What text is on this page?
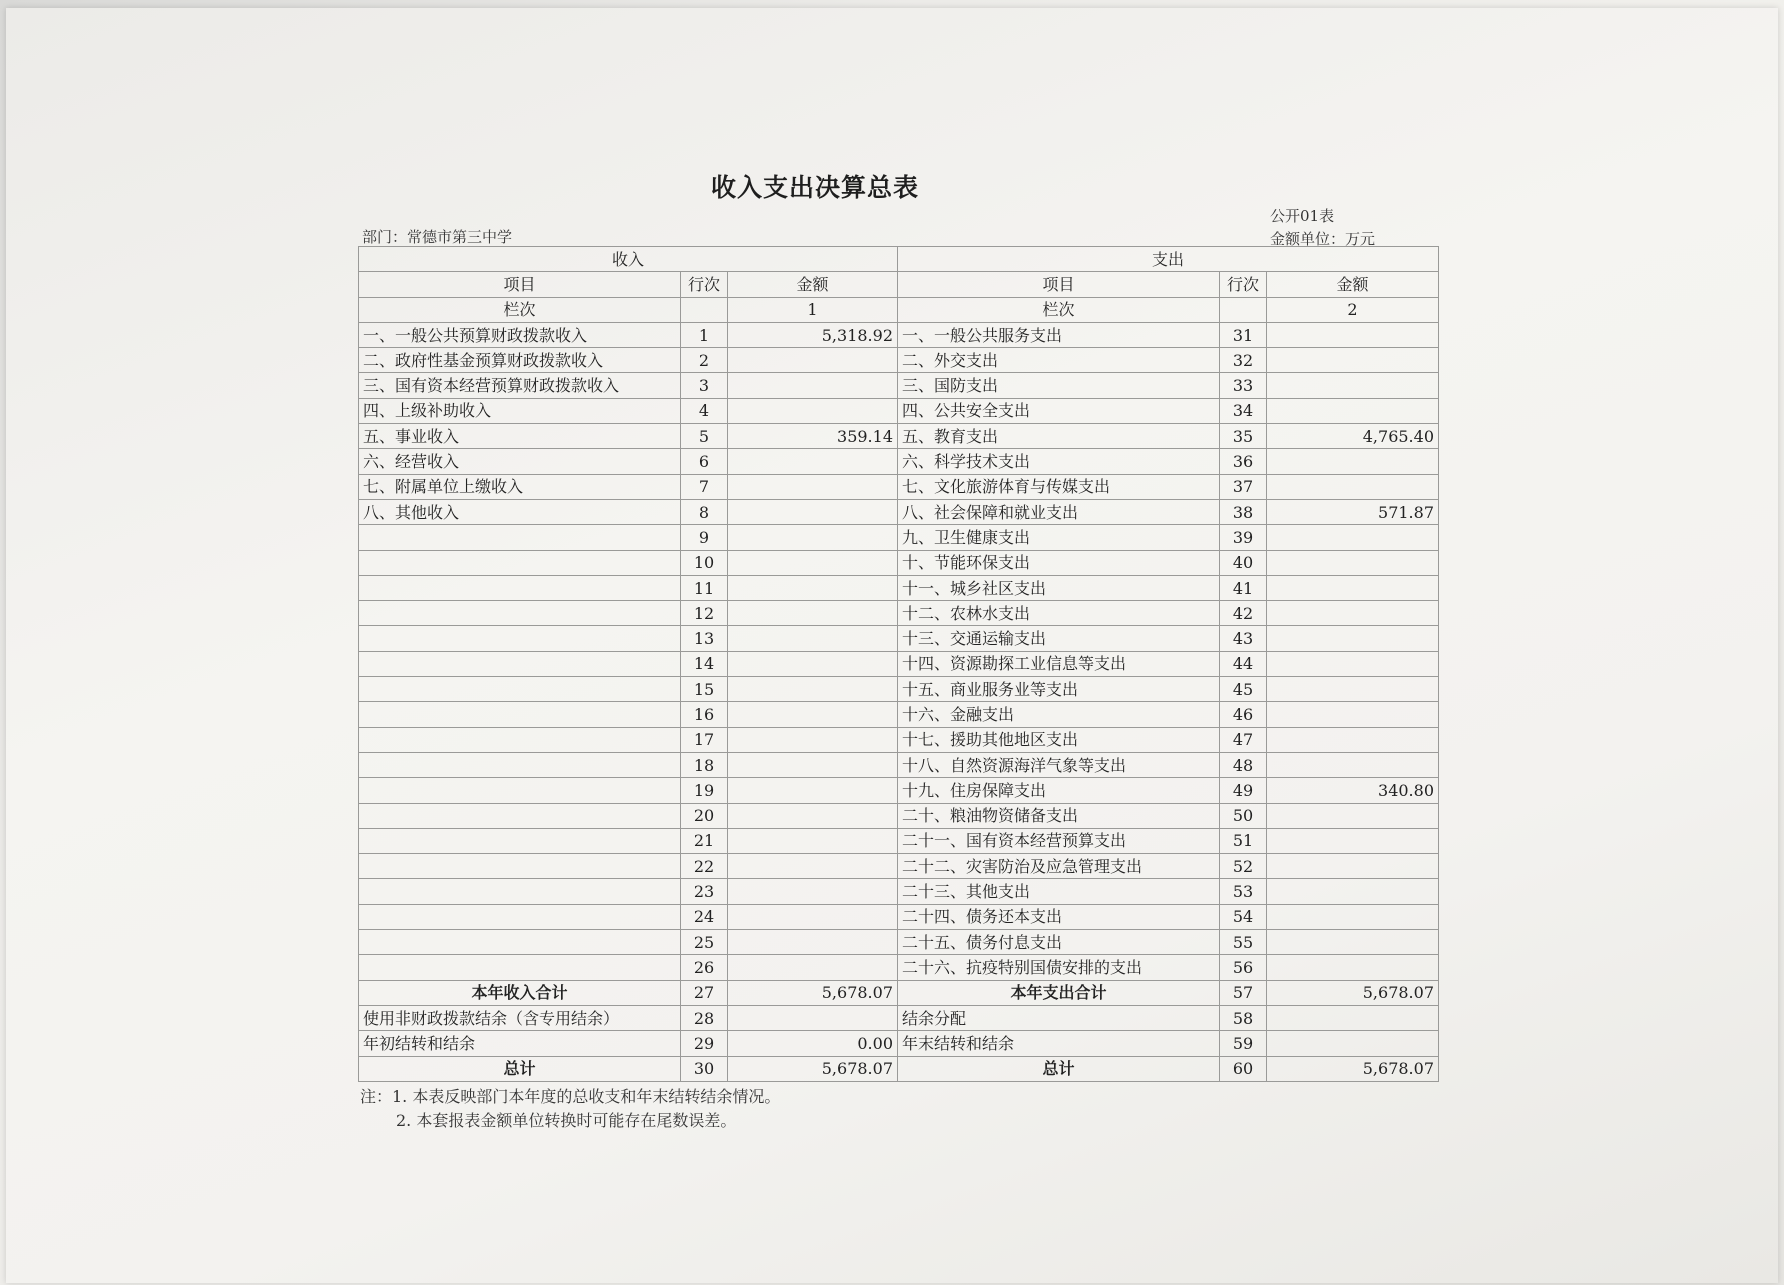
收入支出决算总表
部门：常德市第三中学
公开01表
金额单位：万元
收入			支出		
项目	行次	金额	项目	行次	金额
栏次		1	栏次		2
一、一般公共预算财政拨款收入	1	5,318.92	一、一般公共服务支出	31	
二、政府性基金预算财政拨款收入	2		二、外交支出	32	
三、国有资本经营预算财政拨款收入	3		三、国防支出	33	
四、上级补助收入	4		四、公共安全支出	34	
五、事业收入	5	359.14	五、教育支出	35	4,765.40
六、经营收入	6		六、科学技术支出	36	
七、附属单位上缴收入	7		七、文化旅游体育与传媒支出	37	
八、其他收入	8		八、社会保障和就业支出	38	571.87
	9		九、卫生健康支出	39	
	10		十、节能环保支出	40	
	11		十一、城乡社区支出	41	
	12		十二、农林水支出	42	
	13		十三、交通运输支出	43	
	14		十四、资源勘探工业信息等支出	44	
	15		十五、商业服务业等支出	45	
	16		十六、金融支出	46	
	17		十七、援助其他地区支出	47	
	18		十八、自然资源海洋气象等支出	48	
	19		十九、住房保障支出	49	340.80
	20		二十、粮油物资储备支出	50	
	21		二十一、国有资本经营预算支出	51	
	22		二十二、灾害防治及应急管理支出	52	
	23		二十三、其他支出	53	
	24		二十四、债务还本支出	54	
	25		二十五、债务付息支出	55	
	26		二十六、抗疫特别国债安排的支出	56	
本年收入合计	27	5,678.07	本年支出合计	57	5,678.07
使用非财政拨款结余（含专用结余）	28		结余分配	58	
年初结转和结余	29	0.00	年末结转和结余	59	
总计	30	5,678.07	总计	60	5,678.07
注：1. 本表反映部门本年度的总收支和年末结转结余情况。
2. 本套报表金额单位转换时可能存在尾数误差。
